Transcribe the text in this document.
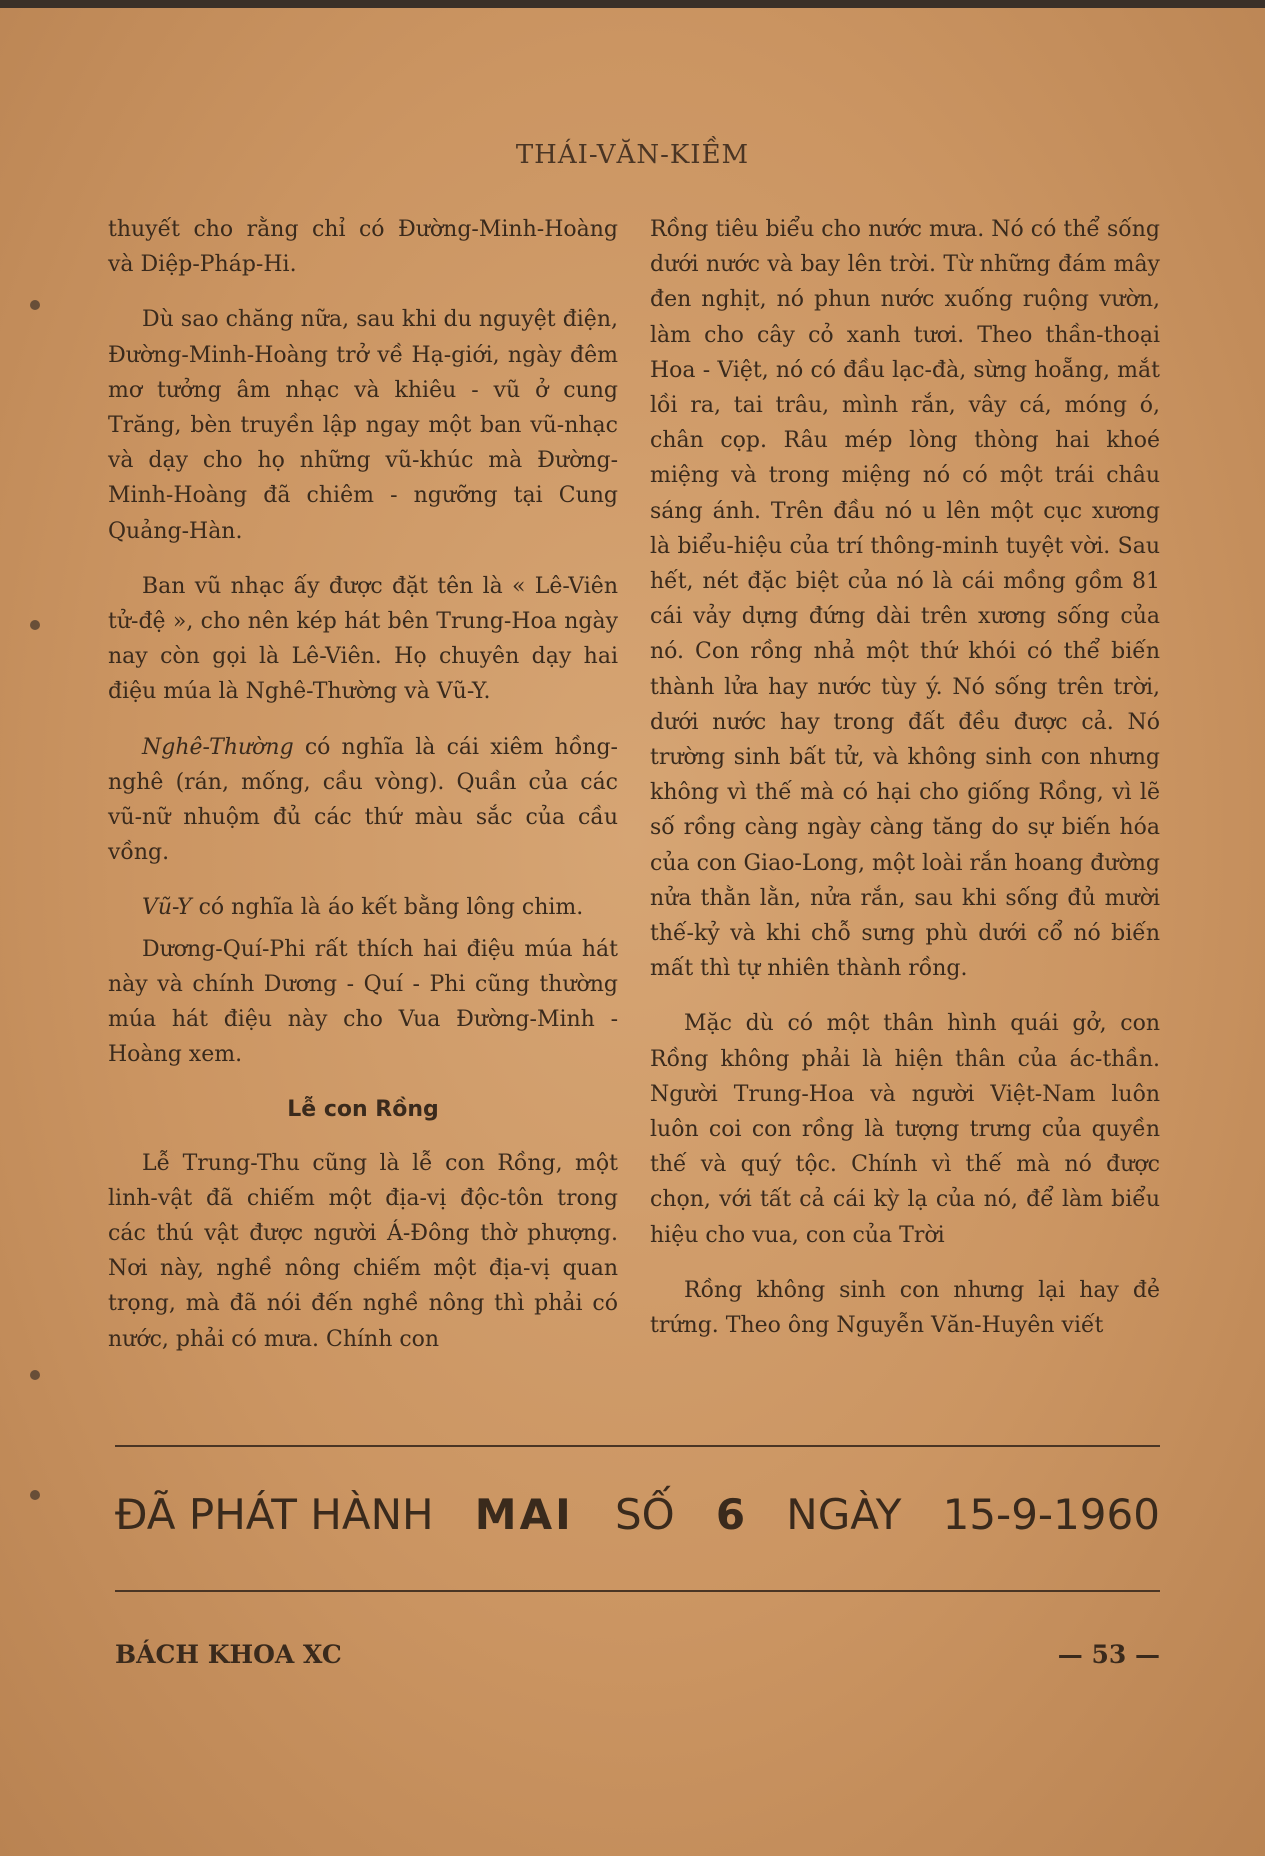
THÁI-VĂN-KIỀM

thuyết cho rằng chỉ có Đường-Minh-Hoàng và Diệp-Pháp-Hi.

Dù sao chăng nữa, sau khi du nguyệt điện, Đường-Minh-Hoàng trở về Hạ-giới, ngày đêm mơ tưởng âm nhạc và khiêu - vũ ở cung Trăng, bèn truyền lập ngay một ban vũ-nhạc và dạy cho họ những vũ-khúc mà Đường-Minh-Hoàng đã chiêm - ngưỡng tại Cung Quảng-Hàn.

Ban vũ nhạc ấy được đặt tên là « Lê-Viên tử-đệ », cho nên kép hát bên Trung-Hoa ngày nay còn gọi là Lê-Viên. Họ chuyên dạy hai điệu múa là Nghê-Thường và Vũ-Y.

Nghê-Thường có nghĩa là cái xiêm hồng-nghê (rán, mống, cầu vòng). Quần của các vũ-nữ nhuộm đủ các thứ màu sắc của cầu vồng.

Vũ-Y có nghĩa là áo kết bằng lông chim.

Dương-Quí-Phi rất thích hai điệu múa hát này và chính Dương - Quí - Phi cũng thường múa hát điệu này cho Vua Đường-Minh - Hoàng xem.

Lễ con Rồng

Lễ Trung-Thu cũng là lễ con Rồng, một linh-vật đã chiếm một địa-vị độc-tôn trong các thú vật được người Á-Đông thờ phượng. Nơi này, nghề nông chiếm một địa-vị quan trọng, mà đã nói đến nghề nông thì phải có nước, phải có mưa. Chính con

Rồng tiêu biểu cho nước mưa. Nó có thể sống dưới nước và bay lên trời. Từ những đám mây đen nghịt, nó phun nước xuống ruộng vườn, làm cho cây cỏ xanh tươi. Theo thần-thoại Hoa - Việt, nó có đầu lạc-đà, sừng hoẵng, mắt lồi ra, tai trâu, mình rắn, vây cá, móng ó, chân cọp. Râu mép lòng thòng hai khoé miệng và trong miệng nó có một trái châu sáng ánh. Trên đầu nó u lên một cục xương là biểu-hiệu của trí thông-minh tuyệt vời. Sau hết, nét đặc biệt của nó là cái mồng gồm 81 cái vảy dựng đứng dài trên xương sống của nó. Con rồng nhả một thứ khói có thể biến thành lửa hay nước tùy ý. Nó sống trên trời, dưới nước hay trong đất đều được cả. Nó trường sinh bất tử, và không sinh con nhưng không vì thế mà có hại cho giống Rồng, vì lẽ số rồng càng ngày càng tăng do sự biến hóa của con Giao-Long, một loài rắn hoang đường nửa thằn lằn, nửa rắn, sau khi sống đủ mười thế-kỷ và khi chỗ sưng phù dưới cổ nó biến mất thì tự nhiên thành rồng.

Mặc dù có một thân hình quái gở, con Rồng không phải là hiện thân của ác-thần. Người Trung-Hoa và người Việt-Nam luôn luôn coi con rồng là tượng trưng của quyền thế và quý tộc. Chính vì thế mà nó được chọn, với tất cả cái kỳ lạ của nó, để làm biểu hiệu cho vua, con của Trời

Rồng không sinh con nhưng lại hay đẻ trứng. Theo ông Nguyễn Văn-Huyên viết

ĐÃ PHÁT HÀNH MAI SỐ 6 NGÀY 15-9-1960
BÁCH KHOA XC	— 53 —
